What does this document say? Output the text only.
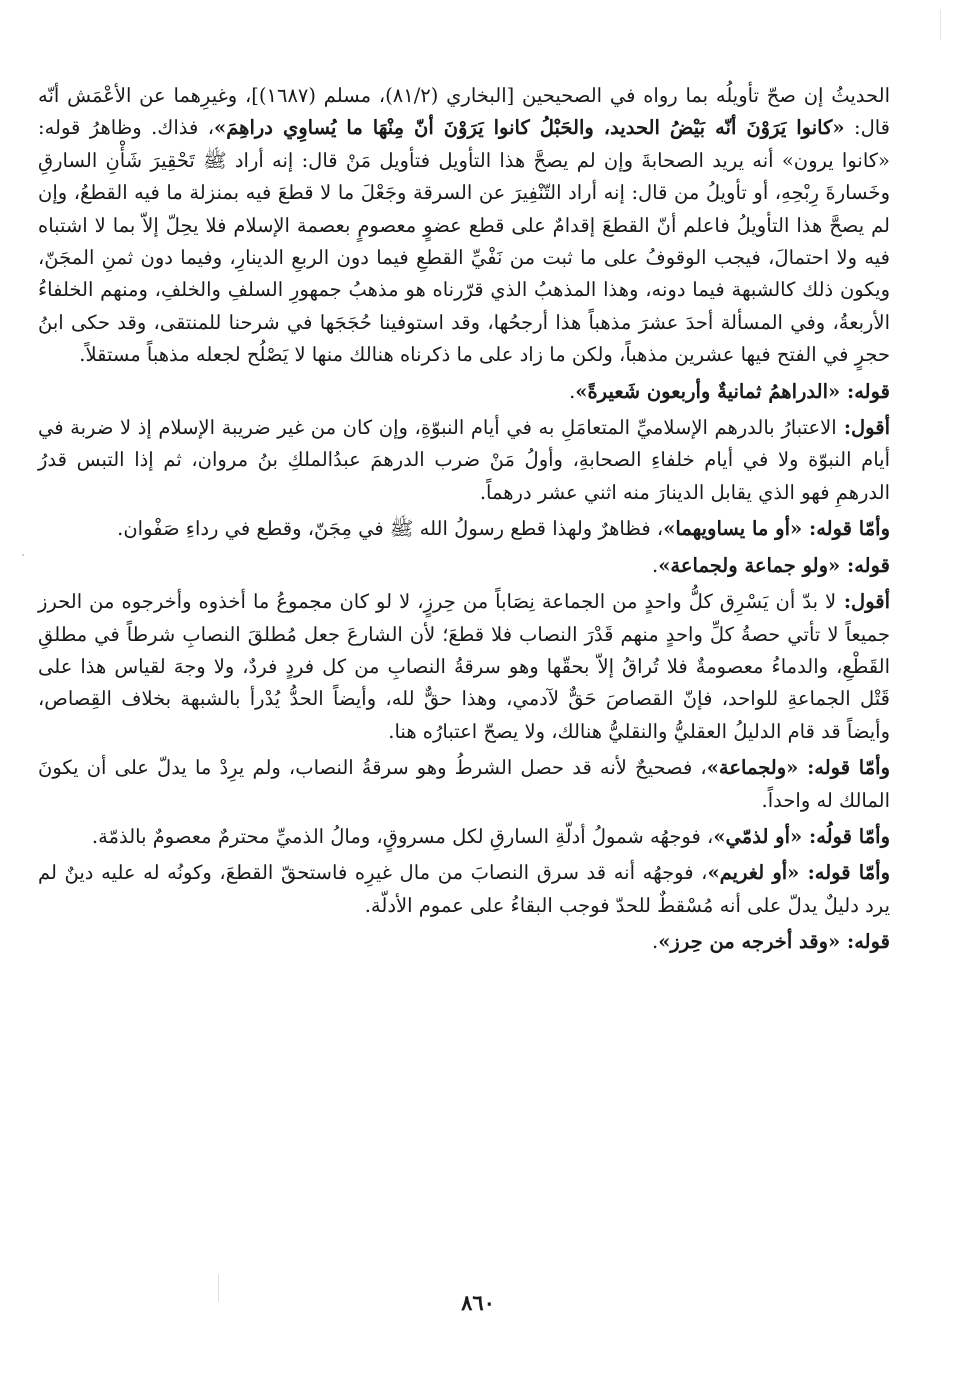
الحديثُ إن صحّ تأويلُه بما رواه في الصحيحين [البخاري (٨١/٢)، مسلم (١٦٨٧)]، وغيرِهما عن الأعْمَش أنّه قال: «كانوا يَرَوْنَ أنّه بَيْضُ الحديد، والحَبْلُ كانوا يَرَوْنَ أنّ مِنْهَا ما يُساوِي دراهِمَ»، فذاك. وظاهرُ قوله: «كانوا يرون» أنه يريد الصحابةَ وإن لم يصحَّ هذا التأويل فتأويل مَنْ قال: إنه أراد ﷺ تَحْقِيرَ شَأْنِ السارقِ وخَسارةَ رِبْحِهِ، أو تأويلُ من قال: إنه أراد التّنْفِيرَ عن السرقة وجَعْلَ ما لا قطعَ فيه بمنزلة ما فيه القطعُ، وإن لم يصحَّ هذا التأويلُ فاعلم أنّ القطعَ إقدامٌ على قطع عضوٍ معصومٍ بعصمة الإسلام فلا يحِلّ إلاّ بما لا اشتباه فيه ولا احتمالَ، فيجب الوقوفُ على ما ثبت من نَفْيِّ القطعِ فيما دون الربعِ الدينارِ، وفيما دون ثمنِ المجَنّ، ويكون ذلك كالشبهة فيما دونه، وهذا المذهبُ الذي قرّرناه هو مذهبُ جمهورِ السلفِ والخلفِ، ومنهم الخلفاءُ الأربعةُ، وفي المسألة أحدَ عشرَ مذهباً هذا أرجحُها، وقد استوفينا حُجَجَها في شرحنا للمنتقى، وقد حكى ابنُ حجرٍ في الفتح فيها عشرين مذهباً، ولكن ما زاد على ما ذكرناه هنالك منها لا يَصْلُح لجعله مذهباً مستقلاً.

قوله: «الدراهمُ ثمانيةٌ وأربعون شَعيرةً».

أقول: الاعتبارُ بالدرهم الإسلاميِّ المتعامَلِ به في أيام النبوّةِ، وإن كان من غير ضريبة الإسلام إذ لا ضربة في أيام النبوّة ولا في أيام خلفاءِ الصحابةِ، وأولُ مَنْ ضرب الدرهمَ عبدُالملكِ بنُ مروان، ثم إذا التبس قدرُ الدرهمِ فهو الذي يقابل الدينارَ منه اثني عشر درهماً.

وأمّا قوله: «أو ما يساويهما»، فظاهرٌ ولهذا قطع رسولُ الله ﷺ في مِجَنّ، وقطع في رداءِ صَفْوان.

قوله: «ولو جماعة ولجماعة».

أقول: لا بدّ أن يَسْرِق كلُّ واحدٍ من الجماعة نِصَاباً من حِرزٍ، لا لو كان مجموعُ ما أخذوه وأخرجوه من الحرز جميعاً لا تأتي حصةُ كلِّ واحدٍ منهم قَدْرَ النصاب فلا قطعَ؛ لأن الشارعَ جعل مُطلقَ النصابِ شرطاً في مطلقِ القَطْعِ، والدماءُ معصومةٌ فلا تُراقُ إلاّ بحقّها وهو سرقةُ النصابِ من كل فردٍ فردٌ، ولا وجهَ لقياس هذا على قَتْل الجماعةِ للواحد، فإنّ القصاصَ حَقٌّ لآدمي، وهذا حقٌّ لله، وأيضاً الحدُّ يُدْرأ بالشبهة بخلاف القِصاص، وأيضاً قد قام الدليلُ العقليُّ والنقليُّ هنالك، ولا يصحّ اعتبارُه هنا.

وأمّا قوله: «ولجماعة»، فصحيحٌ لأنه قد حصل الشرطُ وهو سرقةُ النصاب، ولم يرِدْ ما يدلّ على أن يكونَ المالك له واحداً.

وأمّا قولُه: «أو لذمّي»، فوجهُه شمولُ أدلّةِ السارقِ لكل مسروقٍ، ومالُ الذميِّ محترمٌ معصومٌ بالذمّة.

وأمّا قوله: «أو لغريم»، فوجهُه أنه قد سرق النصابَ من مال غيرِه فاستحقّ القطعَ، وكونُه له عليه دينٌ لم يرد دليلٌ يدلّ على أنه مُسْقطٌ للحدّ فوجب البقاءُ على عموم الأدلّة.

قوله: «وقد أخرجه من حِرز».

٨٦٠
